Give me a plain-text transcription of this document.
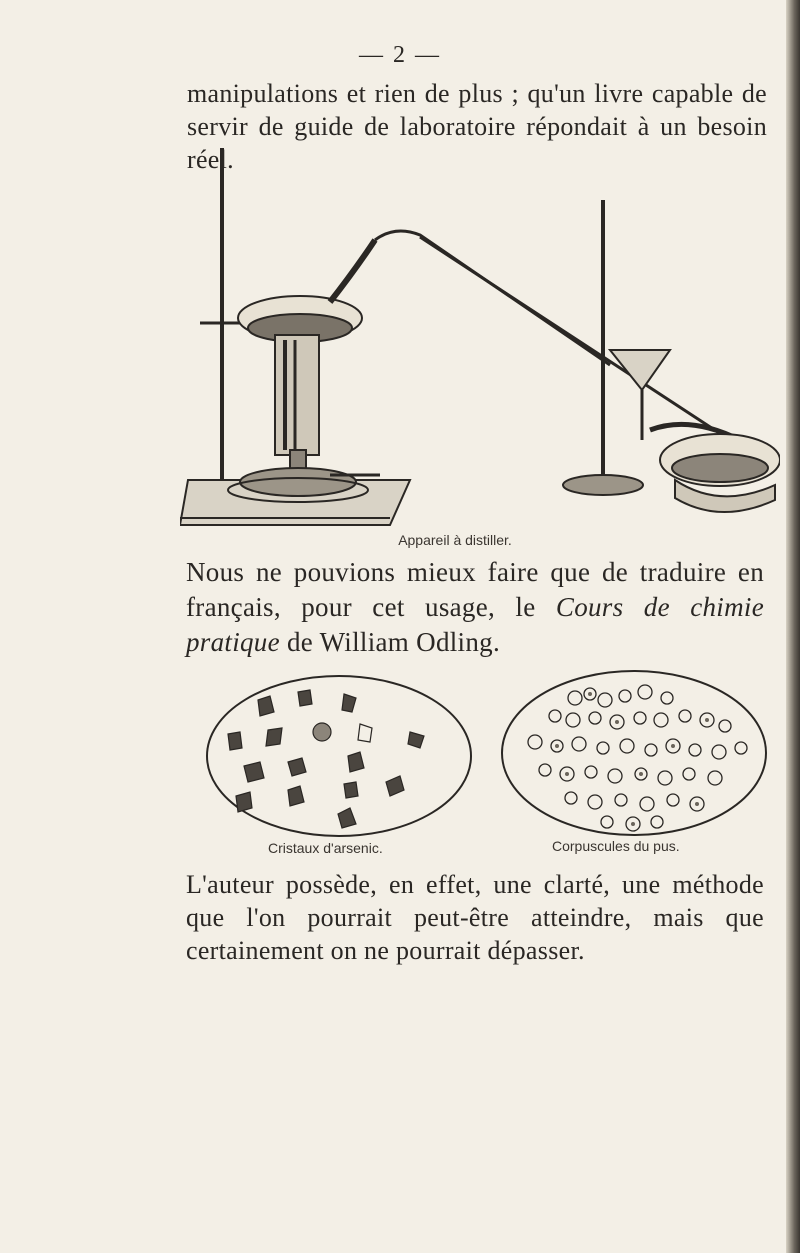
— 2 —

manipulations et rien de plus ; qu'un livre capable de servir de guide de laboratoire répondait à un besoin réel.

Appareil à distiller.

Nous ne pouvions mieux faire que de traduire en français, pour cet usage, le Cours de chimie pratique de William Odling.

Cristaux d'arsenic.	Corpuscules du pus.

L'auteur possède, en effet, une clarté, une méthode que l'on pourrait peut-être atteindre, mais que certainement on ne pourrait dépasser.
